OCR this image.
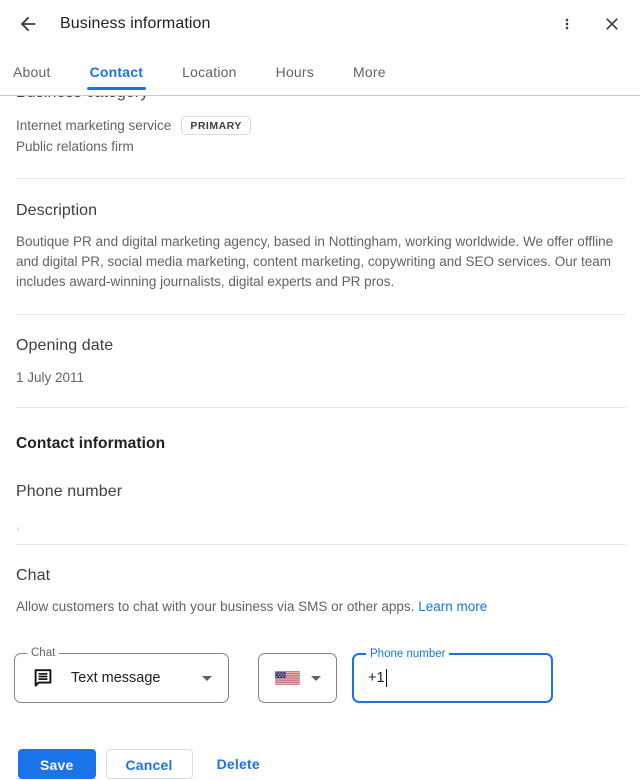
Business information
About	Contact	Location	Hours	More
Internet marketing service	PRIMARY
Public relations firm
Description
Boutique PR and digital marketing agency, based in Nottingham, working worldwide. We offer offline and digital PR, social media marketing, content marketing, copywriting and SEO services. Our team includes award-winning journalists, digital experts and PR pros.
Opening date
1 July 2011
Contact information
Phone number
,
Chat
Allow customers to chat with your business via SMS or other apps. Learn more
Chat
Text message
Phone number
+1
Save	Cancel	Delete
